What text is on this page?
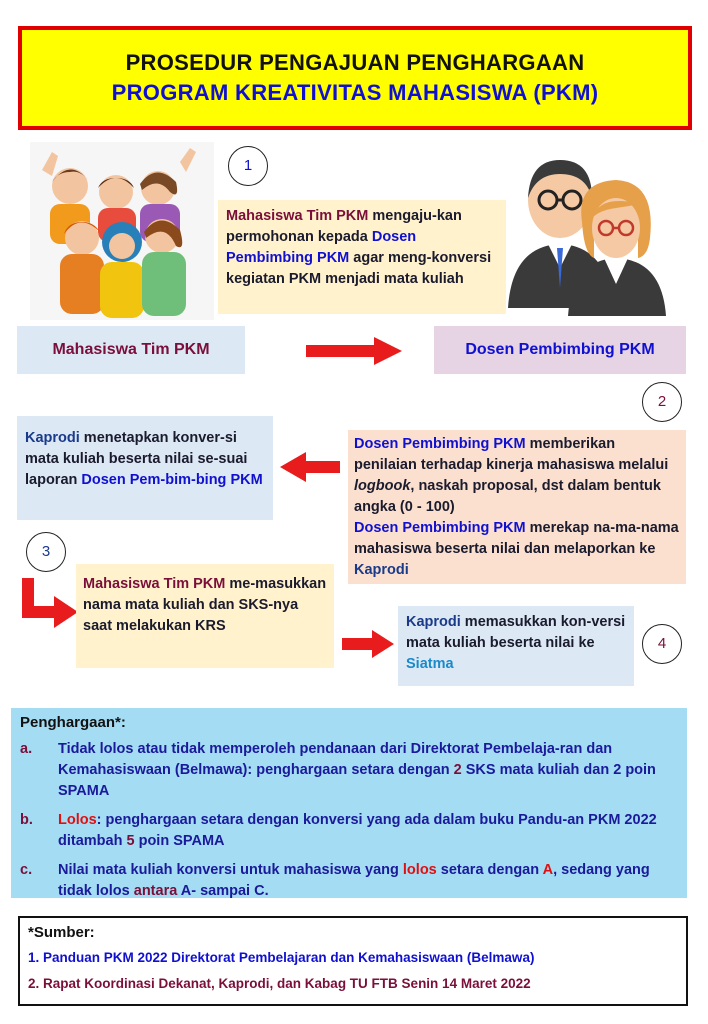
PROSEDUR PENGAJUAN PENGHARGAAN
PROGRAM KREATIVITAS MAHASISWA (PKM)
1
2
3
4
Mahasiswa Tim PKM mengaju-kan permohonan kepada Dosen Pembimbing PKM agar meng-konversi kegiatan PKM menjadi mata kuliah
Mahasiswa Tim PKM	Dosen Pembimbing PKM
Kaprodi menetapkan konver-si mata kuliah beserta nilai se-suai laporan Dosen Pem-bim-bing PKM
Dosen Pembimbing PKM memberikan penilaian terhadap kinerja mahasiswa melalui logbook, naskah proposal, dst dalam bentuk angka (0 - 100)
Dosen Pembimbing PKM merekap na-ma-nama mahasiswa beserta nilai dan melaporkan ke Kaprodi
Mahasiswa Tim PKM me-masukkan nama mata kuliah dan SKS-nya saat melakukan KRS	Kaprodi memasukkan kon-versi mata kuliah beserta nilai ke Siatma
Penghargaan*:
a.	Tidak lolos atau tidak memperoleh pendanaan dari Direktorat Pembelaja-ran dan Kemahasiswaan (Belmawa): penghargaan setara dengan 2 SKS mata kuliah dan 2 poin SPAMA
b.	Lolos: penghargaan setara dengan konversi yang ada dalam buku Pandu-an PKM 2022 ditambah 5 poin SPAMA
c.	Nilai mata kuliah konversi untuk mahasiswa yang lolos setara dengan A, sedang yang tidak lolos antara A- sampai C.
*Sumber:
1. Panduan PKM 2022 Direktorat Pembelajaran dan Kemahasiswaan (Belmawa)
2. Rapat Koordinasi Dekanat, Kaprodi, dan Kabag TU FTB Senin 14 Maret 2022
